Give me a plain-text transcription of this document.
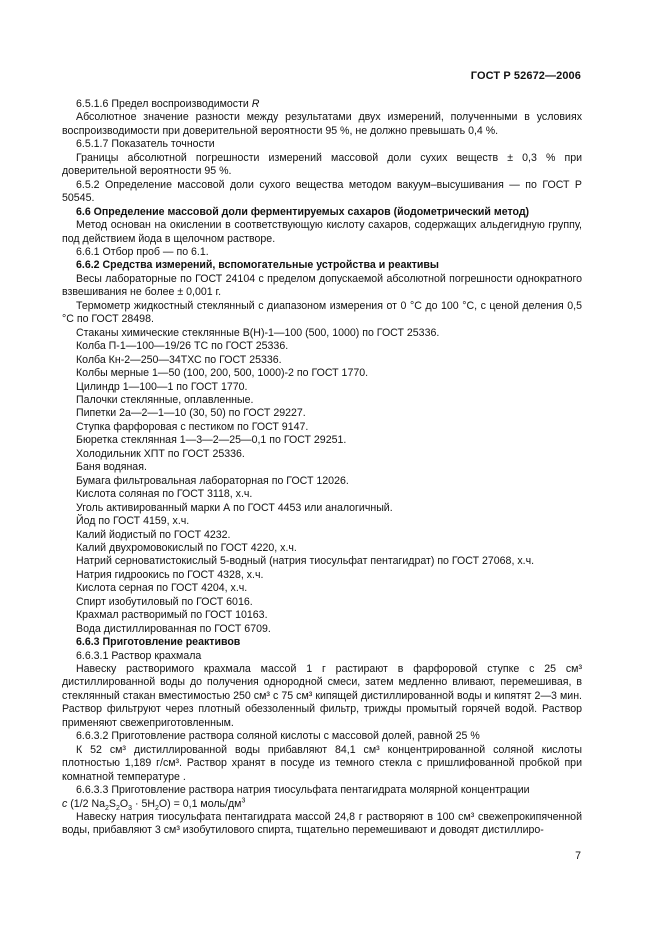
ГОСТ Р 52672—2006

6.5.1.6 Предел воспроизводимости R

Абсолютное значение разности между результатами двух измерений, полученными в условиях воспроизводимости при доверительной вероятности 95 %, не должно превышать 0,4 %.

6.5.1.7 Показатель точности

Границы абсолютной погрешности измерений массовой доли сухих веществ ± 0,3 % при доверительной вероятности 95 %.

6.5.2 Определение массовой доли сухого вещества методом вакуум–высушивания — по ГОСТ Р 50545.

6.6 Определение массовой доли ферментируемых сахаров (йодометрический метод)

Метод основан на окислении в соответствующую кислоту сахаров, содержащих альдегидную группу, под действием йода в щелочном растворе.

6.6.1 Отбор проб — по 6.1.

6.6.2 Средства измерений, вспомогательные устройства и реактивы

Весы лабораторные по ГОСТ 24104 с пределом допускаемой абсолютной погрешности однократного взвешивания не более ± 0,001 г.

Термометр жидкостный стеклянный с диапазоном измерения от 0 °С до 100 °С, с ценой деления 0,5 °С по ГОСТ 28498.

Стаканы химические стеклянные В(Н)-1—100 (500, 1000) по ГОСТ 25336.

Колба П-1—100—19/26 ТС по ГОСТ 25336.

Колба Кн-2—250—34ТХС по ГОСТ 25336.

Колбы мерные 1—50 (100, 200, 500, 1000)-2 по ГОСТ 1770.

Цилиндр 1—100—1 по ГОСТ 1770.

Палочки стеклянные, оплавленные.

Пипетки 2а—2—1—10 (30, 50) по ГОСТ 29227.

Ступка фарфоровая с пестиком по ГОСТ 9147.

Бюретка стеклянная 1—3—2—25—0,1 по ГОСТ 29251.

Холодильник ХПТ по ГОСТ 25336.

Баня водяная.

Бумага фильтровальная лабораторная по ГОСТ 12026.

Кислота соляная по ГОСТ 3118, х.ч.

Уголь активированный марки А по ГОСТ 4453 или аналогичный.

Йод по ГОСТ 4159, х.ч.

Калий йодистый по ГОСТ 4232.

Калий двухромовокислый по ГОСТ 4220, х.ч.

Натрий серноватистокислый 5-водный (натрия тиосульфат пентагидрат) по ГОСТ 27068, х.ч.

Натрия гидроокись по ГОСТ 4328, х.ч.

Кислота серная по ГОСТ 4204, х.ч.

Спирт изобутиловый по ГОСТ 6016.

Крахмал растворимый по ГОСТ 10163.

Вода дистиллированная по ГОСТ 6709.

6.6.3 Приготовление реактивов

6.6.3.1 Раствор крахмала

Навеску растворимого крахмала массой 1 г растирают в фарфоровой ступке с 25 см³ дистиллированной воды до получения однородной смеси, затем медленно вливают, перемешивая, в стеклянный стакан вместимостью 250 см³ с 75 см³ кипящей дистиллированной воды и кипятят 2—3 мин. Раствор фильтруют через плотный обеззоленный фильтр, трижды промытый горячей водой. Раствор применяют свежеприготовленным.

6.6.3.2 Приготовление раствора соляной кислоты с массовой долей, равной 25 %

К 52 см³ дистиллированной воды прибавляют 84,1 см³ концентрированной соляной кислоты плотностью 1,189 г/см³. Раствор хранят в посуде из темного стекла с пришлифованной пробкой при комнатной температуре .

6.6.3.3 Приготовление раствора натрия тиосульфата пентагидрата молярной концентрации

c (1/2 $Na_2S_2O_3 \cdot 5H_2O) = 0,1$ моль/$дм^3$

Навеску натрия тиосульфата пентагидрата массой 24,8 г растворяют в 100 см³ свежепрокипяченной воды, прибавляют 3 см³ изобутилового спирта, тщательно перемешивают и доводят дистиллиро-

7
